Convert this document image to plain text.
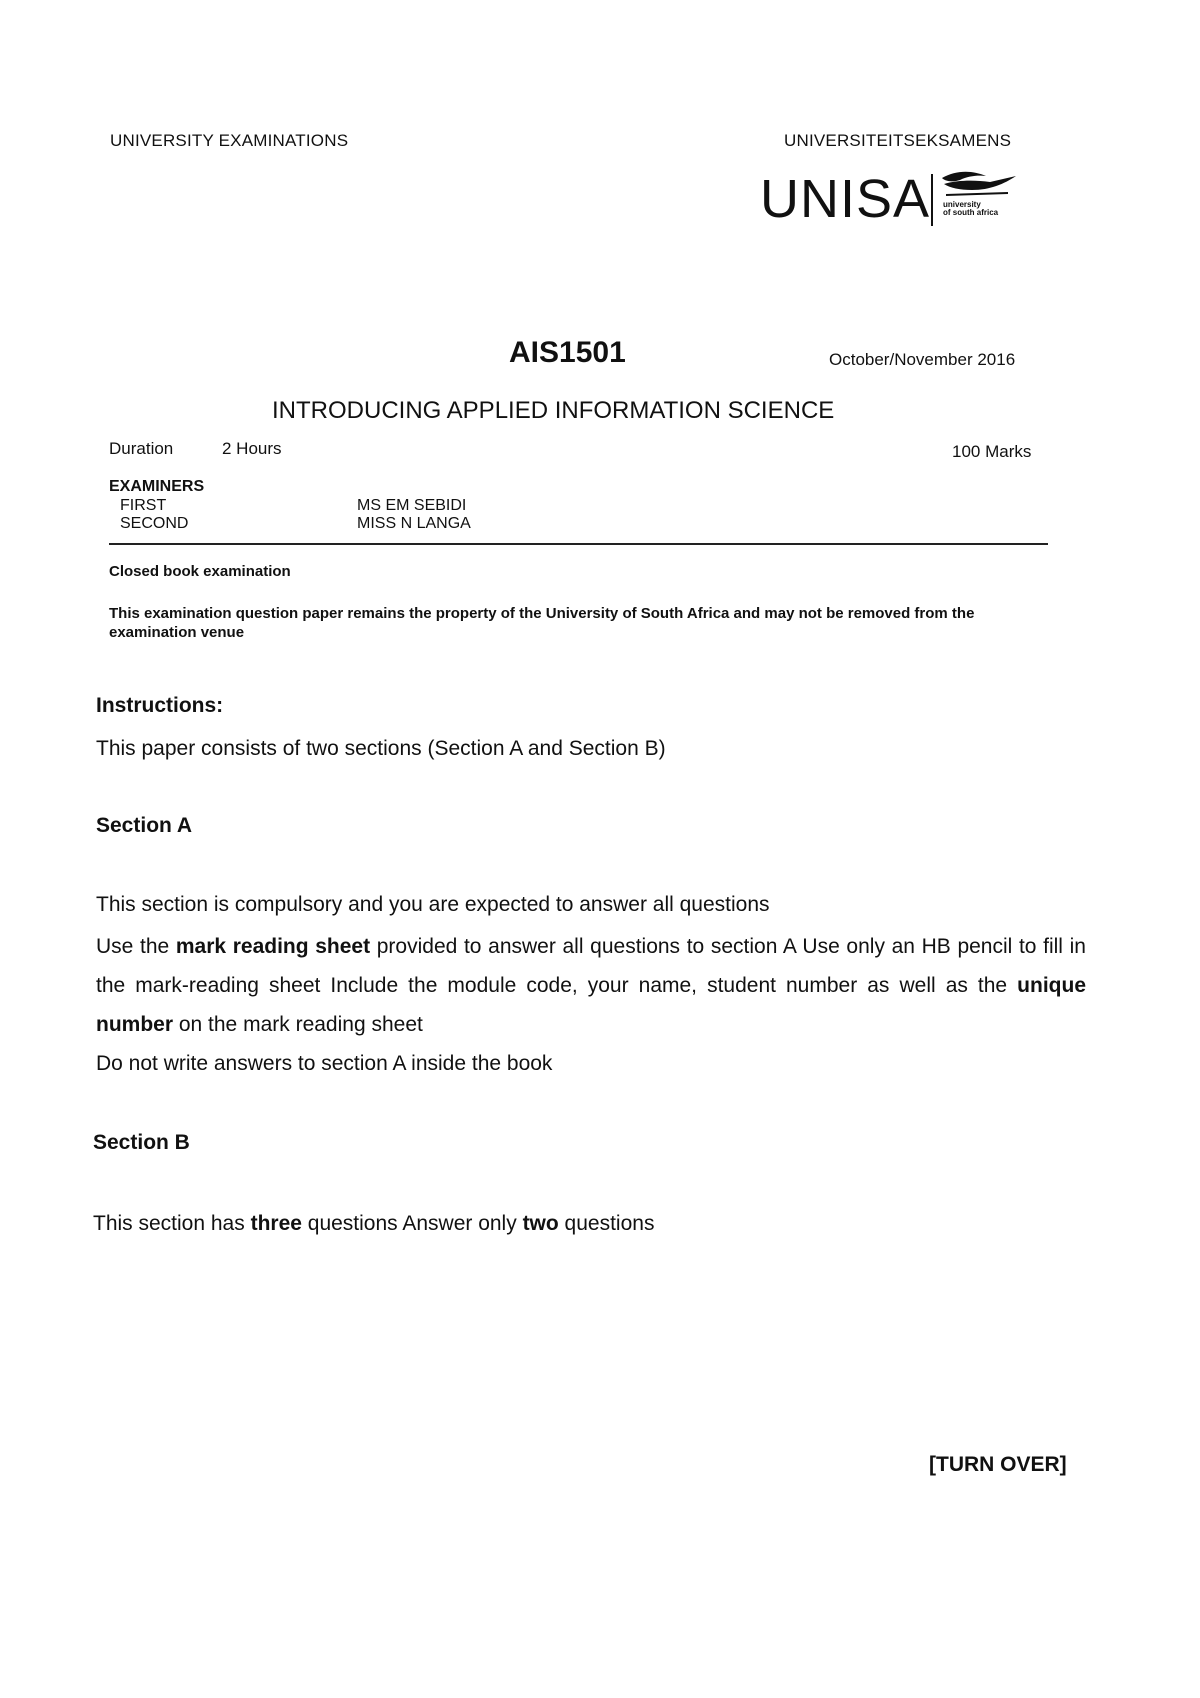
UNIVERSITY EXAMINATIONS	UNIVERSITEITSEKSAMENS
UNISA university
of south africa
AIS1501	October/November 2016
INTRODUCING APPLIED INFORMATION SCIENCE
Duration	2 Hours	100 Marks
EXAMINERS
FIRST	MS EM SEBIDI
SECOND	MISS N LANGA
Closed book examination
This examination question paper remains the property of the University of South Africa and may not be removed from the examination venue
Instructions:
This paper consists of two sections (Section A and Section B)
Section A
This section is compulsory and you are expected to answer all questions
Use the mark reading sheet provided to answer all questions to section A Use only an HB pencil to fill in the mark-reading sheet Include the module code, your name, student number as well as the unique number on the mark reading sheet
Do not write answers to section A inside the book
Section B
This section has three questions Answer only two questions
[TURN OVER]
